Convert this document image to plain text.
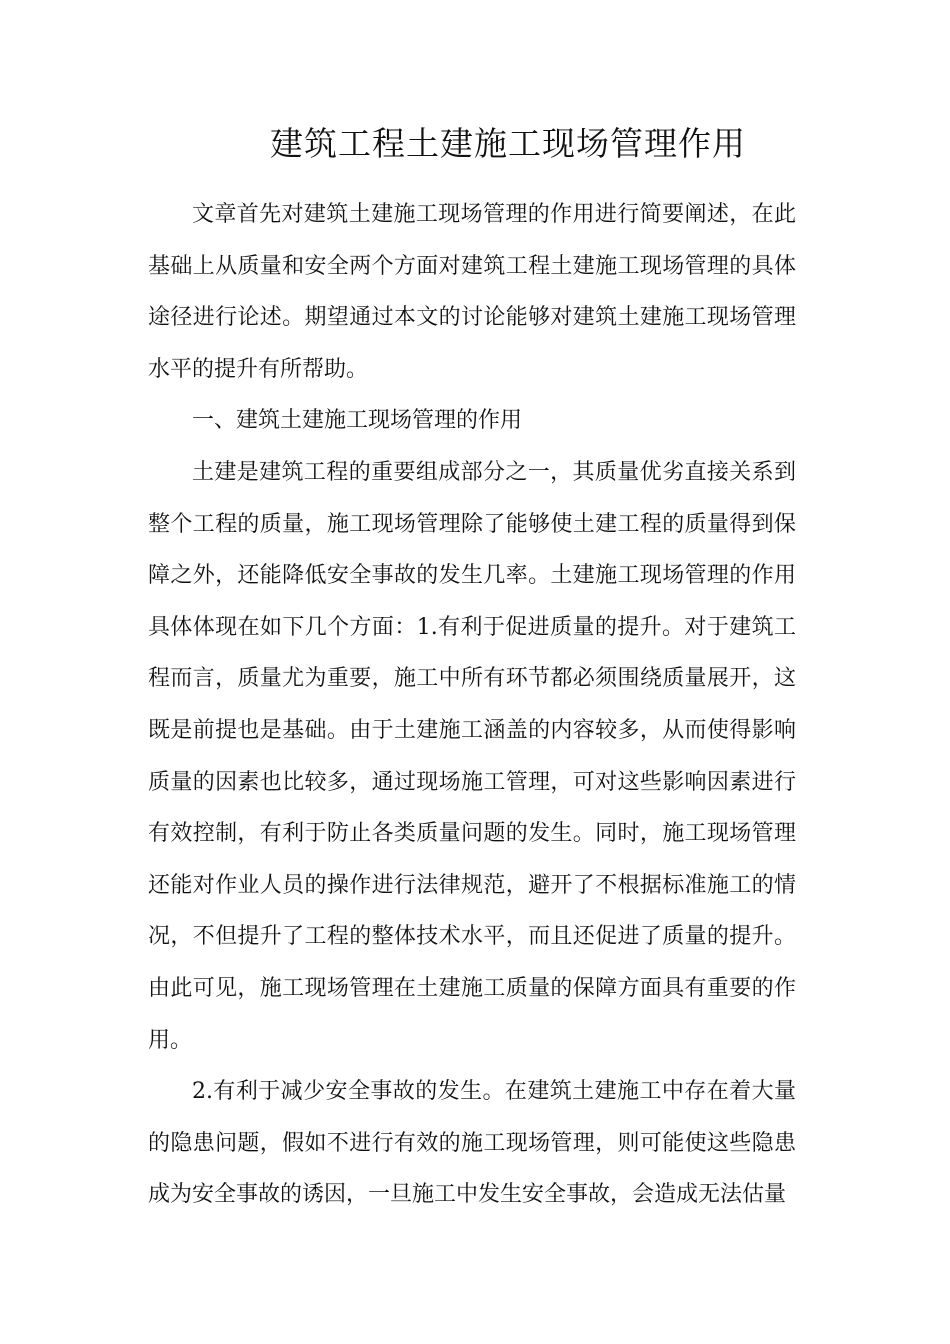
建筑工程土建施工现场管理作用

文章首先对建筑土建施工现场管理的作用进行简要阐述，在此基础上从质量和安全两个方面对建筑工程土建施工现场管理的具体途径进行论述。期望通过本文的讨论能够对建筑土建施工现场管理水平的提升有所帮助。

一、建筑土建施工现场管理的作用

土建是建筑工程的重要组成部分之一，其质量优劣直接关系到整个工程的质量，施工现场管理除了能够使土建工程的质量得到保障之外，还能降低安全事故的发生几率。土建施工现场管理的作用具体体现在如下几个方面：1.有利于促进质量的提升。对于建筑工程而言，质量尤为重要，施工中所有环节都必须围绕质量展开，这既是前提也是基础。由于土建施工涵盖的内容较多，从而使得影响质量的因素也比较多，通过现场施工管理，可对这些影响因素进行有效控制，有利于防止各类质量问题的发生。同时，施工现场管理还能对作业人员的操作进行法律规范，避开了不根据标准施工的情况，不但提升了工程的整体技术水平，而且还促进了质量的提升。由此可见，施工现场管理在土建施工质量的保障方面具有重要的作用。

2.有利于减少安全事故的发生。在建筑土建施工中存在着大量的隐患问题，假如不进行有效的施工现场管理，则可能使这些隐患成为安全事故的诱因，一旦施工中发生安全事故，会造成无法估量
